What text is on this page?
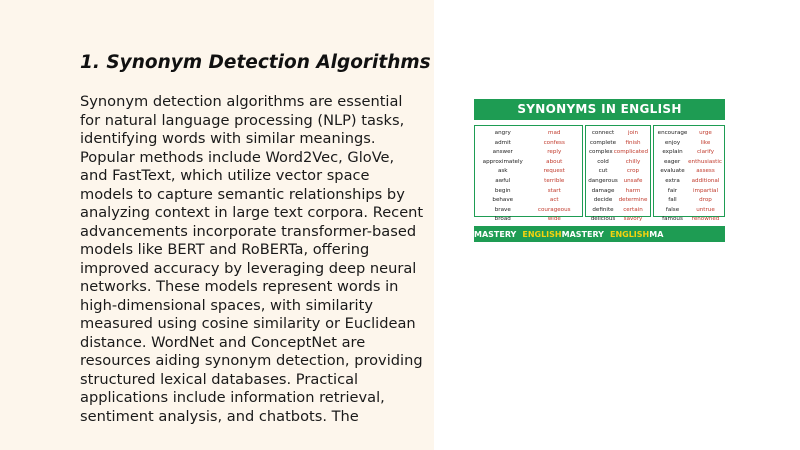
1. Synonym Detection Algorithms

Synonym detection algorithms are essential for natural language processing (NLP) tasks, identifying words with similar meanings. Popular methods include Word2Vec, GloVe, and FastText, which utilize vector space models to capture semantic relationships by analyzing context in large text corpora. Recent advancements incorporate transformer-based models like BERT and RoBERTa, offering improved accuracy by leveraging deep neural networks. These models represent words in high-dimensional spaces, with similarity measured using cosine similarity or Euclidean distance. WordNet and ConceptNet are resources aiding synonym detection, providing structured lexical databases. Practical applications include information retrieval, sentiment analysis, and chatbots. The

SYNONYMS IN ENGLISH
angry	mad
admit	confess
answer	reply
approximately	about
ask	request
awful	terrible
begin	start
behave	act
brave	courageous
broad	wide
connect	join
complete	finish
complex complicated
cold	chilly
cut	crop
dangerous	unsafe
damage	harm
decide	determine
definite	certain
delicious	savory
encourage	urge
enjoy	like
explain	clarify
eager	enthusiastic
evaluate	assess
extra	additional
fair	impartial
fall	drop
false	untrue
famous	renowned
MASTERY ENGLISHMASTERY ENGLISHMA
